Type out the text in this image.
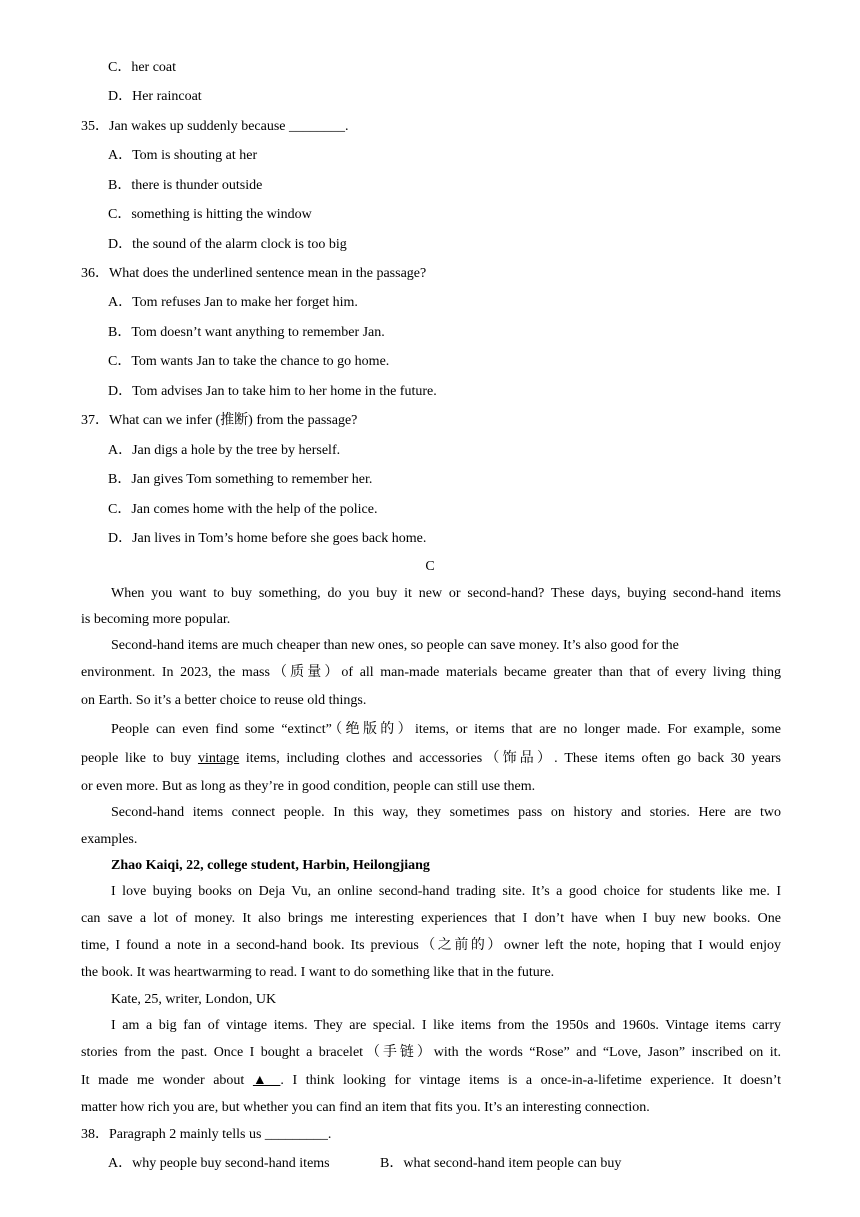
C．her coat
D．Her raincoat
35．Jan wakes up suddenly because ________.
A．Tom is shouting at her
B．there is thunder outside
C．something is hitting the window
D．the sound of the alarm clock is too big
36．What does the underlined sentence mean in the passage?
A．Tom refuses Jan to make her forget him.
B．Tom doesn’t want anything to remember Jan.
C．Tom wants Jan to take the chance to go home.
D．Tom advises Jan to take him to her home in the future.
37．What can we infer (推断) from the passage?
A．Jan digs a hole by the tree by herself.
B．Jan gives Tom something to remember her.
C．Jan comes home with the help of the police.
D．Jan lives in Tom’s home before she goes back home.
C
When you want to buy something, do you buy it new or second-hand? These days, buying second-hand items
is becoming more popular.
Second-hand items are much cheaper than new ones, so people can save money. It’s also good for the
environment. In 2023, the mass（质量）of all man-made materials became greater than that of every living thing
on Earth. So it’s a better choice to reuse old things.
People can even find some “extinct”（绝版的）items, or items that are no longer made. For example, some
people like to buy vintage items, including clothes and accessories（饰品）. These items often go back 30 years
or even more. But as long as they’re in good condition, people can still use them.
Second-hand items connect people. In this way, they sometimes pass on history and stories. Here are two
examples.
Zhao Kaiqi, 22, college student, Harbin, Heilongjiang
I love buying books on Deja Vu, an online second-hand trading site. It’s a good choice for students like me. I
can save a lot of money. It also brings me interesting experiences that I don’t have when I buy new books. One
time, I found a note in a second-hand book. Its previous（之前的）owner left the note, hoping that I would enjoy
the book. It was heartwarming to read. I want to do something like that in the future.
Kate, 25, writer, London, UK
I am a big fan of vintage items. They are special. I like items from the 1950s and 1960s. Vintage items carry
stories from the past. Once I bought a bracelet（手链）with the words “Rose” and “Love, Jason” inscribed on it.
It made me wonder about ▲ . I think looking for vintage items is a once-in-a-lifetime experience. It doesn’t
matter how rich you are, but whether you can find an item that fits you. It’s an interesting connection.
38．Paragraph 2 mainly tells us _________.
A．why people buy second-hand items	B．what second-hand item people can buy
